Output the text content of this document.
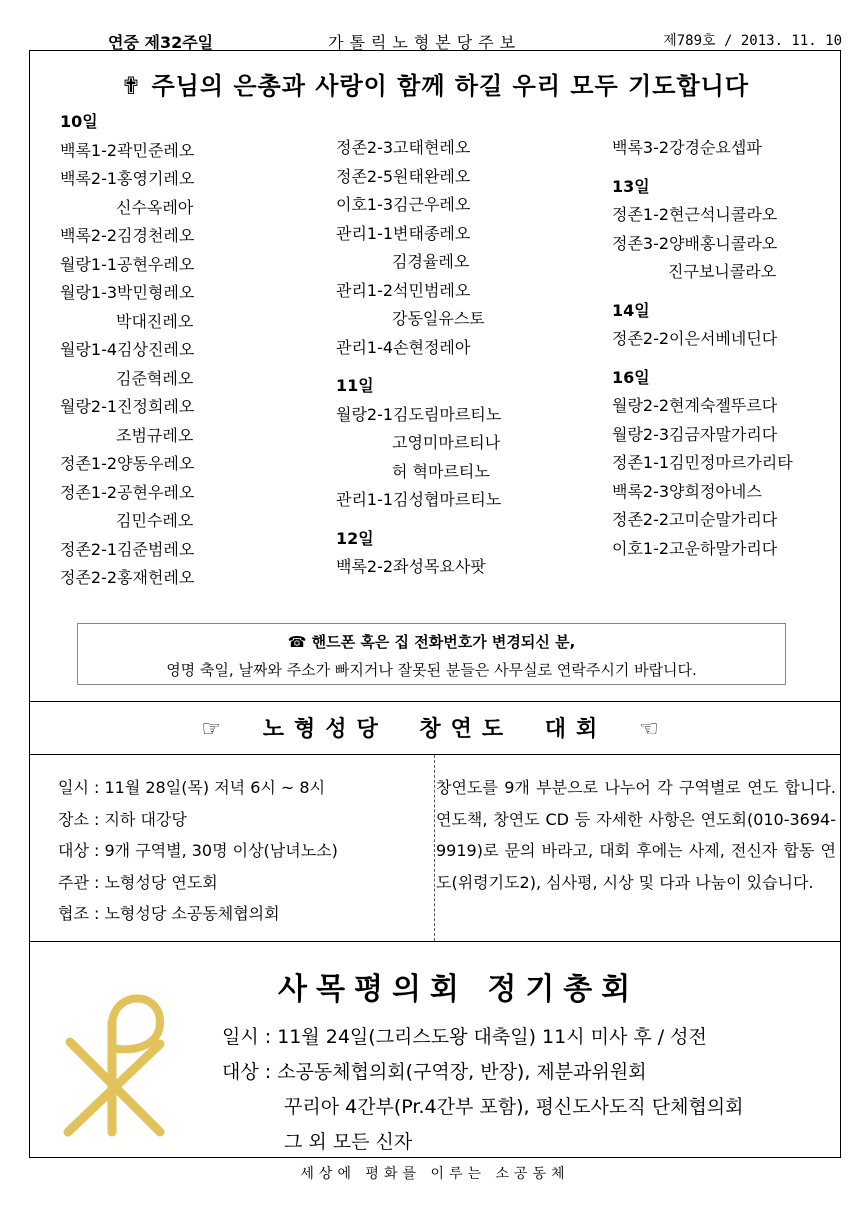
연중 제32주일	가톨릭노형본당주보	제789호 / 2013. 11. 10
✟ 주님의 은총과 사랑이 함께 하길 우리 모두 기도합니다
10일
백록1-2곽민준레오
백록2-1홍영기레오
신수옥레아
백록2-2김경천레오
월랑1-1공현우레오
월랑1-3박민형레오
박대진레오
월랑1-4김상진레오
김준혁레오
월랑2-1진정희레오
조범규레오
정존1-2양동우레오
정존1-2공현우레오
김민수레오
정존2-1김준범레오
정존2-2홍재헌레오
정존2-3고태현레오
정존2-5원태완레오
이호1-3김근우레오
관리1-1변태종레오
김경율레오
관리1-2석민범레오
강동일유스토
관리1-4손현정레아
11일
월랑2-1김도림마르티노
고영미마르티나
허 혁마르티노
관리1-1김성협마르티노
12일
백록2-2좌성목요사팟
백록3-2강경순요셉파
13일
정존1-2현근석니콜라오
정존3-2양배홍니콜라오
진구보니콜라오
14일
정존2-2이은서베네딘다
16일
월랑2-2현계숙젤뚜르다
월랑2-3김금자말가리다
정존1-1김민정마르가리타
백록2-3양희정아네스
정존2-2고미순말가리다
이호1-2고운하말가리다
☎ 핸드폰 혹은 집 전화번호가 변경되신 분,
영명 축일, 날짜와 주소가 빠지거나 잘못된 분들은 사무실로 연락주시기 바랍니다.
☞ 노형성당 창연도 대회 ☜
일시 : 11월 28일(목) 저녁 6시 ~ 8시
장소 : 지하 대강당
대상 : 9개 구역별, 30명 이상(남녀노소)
주관 : 노형성당 연도회
협조 : 노형성당 소공동체협의회
창연도를 9개 부분으로 나누어 각 구역별로 연도 합니다. 연도책, 창연도 CD 등 자세한 사항은 연도회(010-3694-9919)로 문의 바라고, 대회 후에는 사제, 전신자 합동 연도(위령기도2), 심사평, 시상 및 다과 나눔이 있습니다.
사목평의회 정기총회
일시 : 11월 24일(그리스도왕 대축일) 11시 미사 후 / 성전
대상 : 소공동체협의회(구역장, 반장), 제분과위원회
꾸리아 4간부(Pr.4간부 포함), 평신도사도직 단체협의회
그 외 모든 신자
세상에 평화를 이루는 소공동체
